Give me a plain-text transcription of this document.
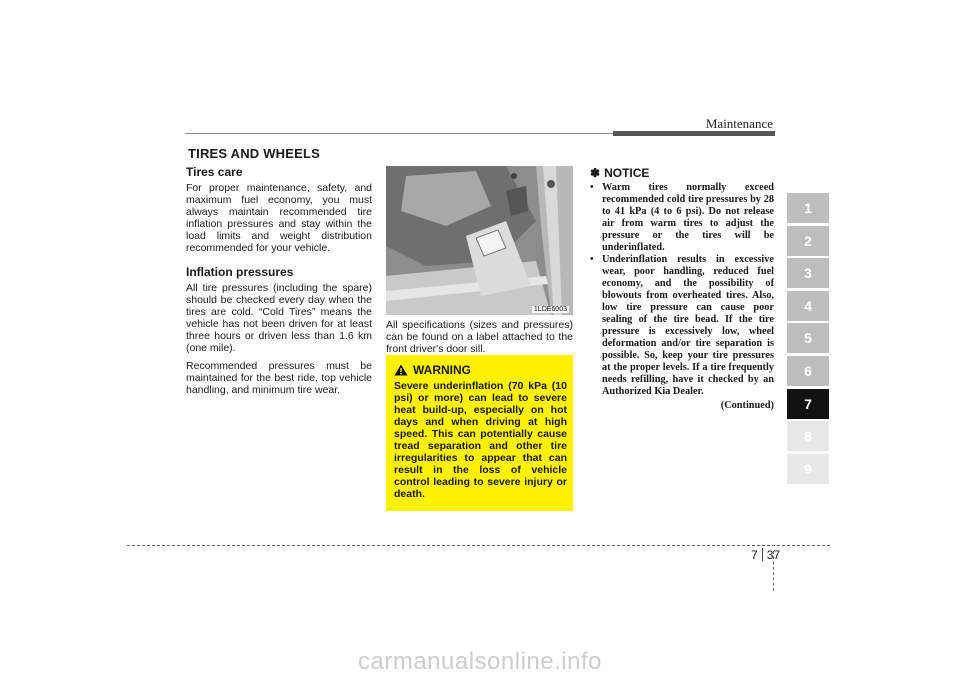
Maintenance
TIRES AND WHEELS
Tires care

For proper maintenance, safety, and maximum fuel economy, you must always maintain recommended tire inflation pressures and stay within the load limits and weight distribution recommended for your vehicle.

Inflation pressures

All tire pressures (including the spare) should be checked every day when the tires are cold. “Cold Tires” means the vehicle has not been driven for at least three hours or driven less than 1.6 km (one mile).

Recommended pressures must be maintained for the best ride, top vehicle handling, and minimum tire wear.

1LDE6003

All specifications (sizes and pressures) can be found on a label attached to the front driver's door sill.

WARNING

Severe underinflation (70 kPa (10 psi) or more) can lead to severe heat build-up, especially on hot days and when driving at high speed. This can potentially cause tread separation and other tire irregularities to appear that can result in the loss of vehicle control leading to severe injury or death.

✽ NOTICE
• Warm tires normally exceed recommended cold tire pressures by 28 to 41 kPa (4 to 6 psi). Do not release air from warm tires to adjust the pressure or the tires will be underinflated.
• Underinflation results in excessive wear, poor handling, reduced fuel economy, and the possibility of blowouts from overheated tires. Also, low tire pressure can cause poor sealing of the tire bead. If the tire pressure is excessively low, wheel deformation and/or tire separation is possible. So, keep your tire pressures at the proper levels. If a tire frequently needs refilling, have it checked by an Authorized Kia Dealer.
(Continued)
1
2
3
4
5
6
7
8
9
7 37
carmanualsonline.info
